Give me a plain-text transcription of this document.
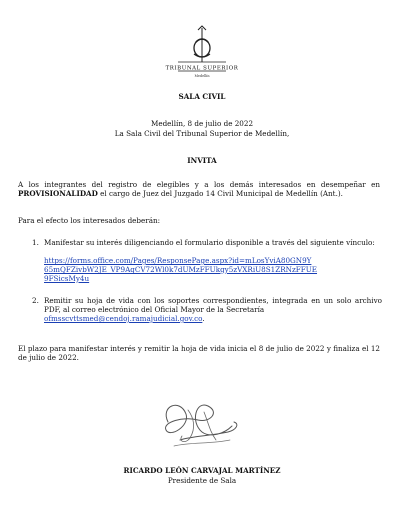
TRIBUNAL SUPERIOR
Medellín
SALA CIVIL
Medellín, 8 de julio de 2022
La Sala Civil del Tribunal Superior de Medellín,
INVITA
A los integrantes del registro de elegibles y a los demás interesados en desempeñar en PROVISIONALIDAD el cargo de Juez del Juzgado 14 Civil Municipal de Medellín (Ant.).
Para el efecto los interesados deberán:
1. Manifestar su interés diligenciando el formulario disponible a través del siguiente vínculo:
https://forms.office.com/Pages/ResponsePage.aspx?id=mLosYviA80GN9Y
65mQFZivbW2JE_VP9AqCV72Wl0k7dUMzFFUkgy5zVXRiU8S1ZRNzFFUE
9FSicsMy4u
2. Remitir su hoja de vida con los soportes correspondientes, integrada en un solo archivo PDF, al correo electrónico del Oficial Mayor de la Secretaría
ofmsscvttsmed@cendoj.ramajudicial.gov.co.
El plazo para manifestar interés y remitir la hoja de vida inicia el 8 de julio de 2022 y finaliza el 12 de julio de 2022.
RICARDO LEÓN CARVAJAL MARTÍNEZ
Presidente de Sala
